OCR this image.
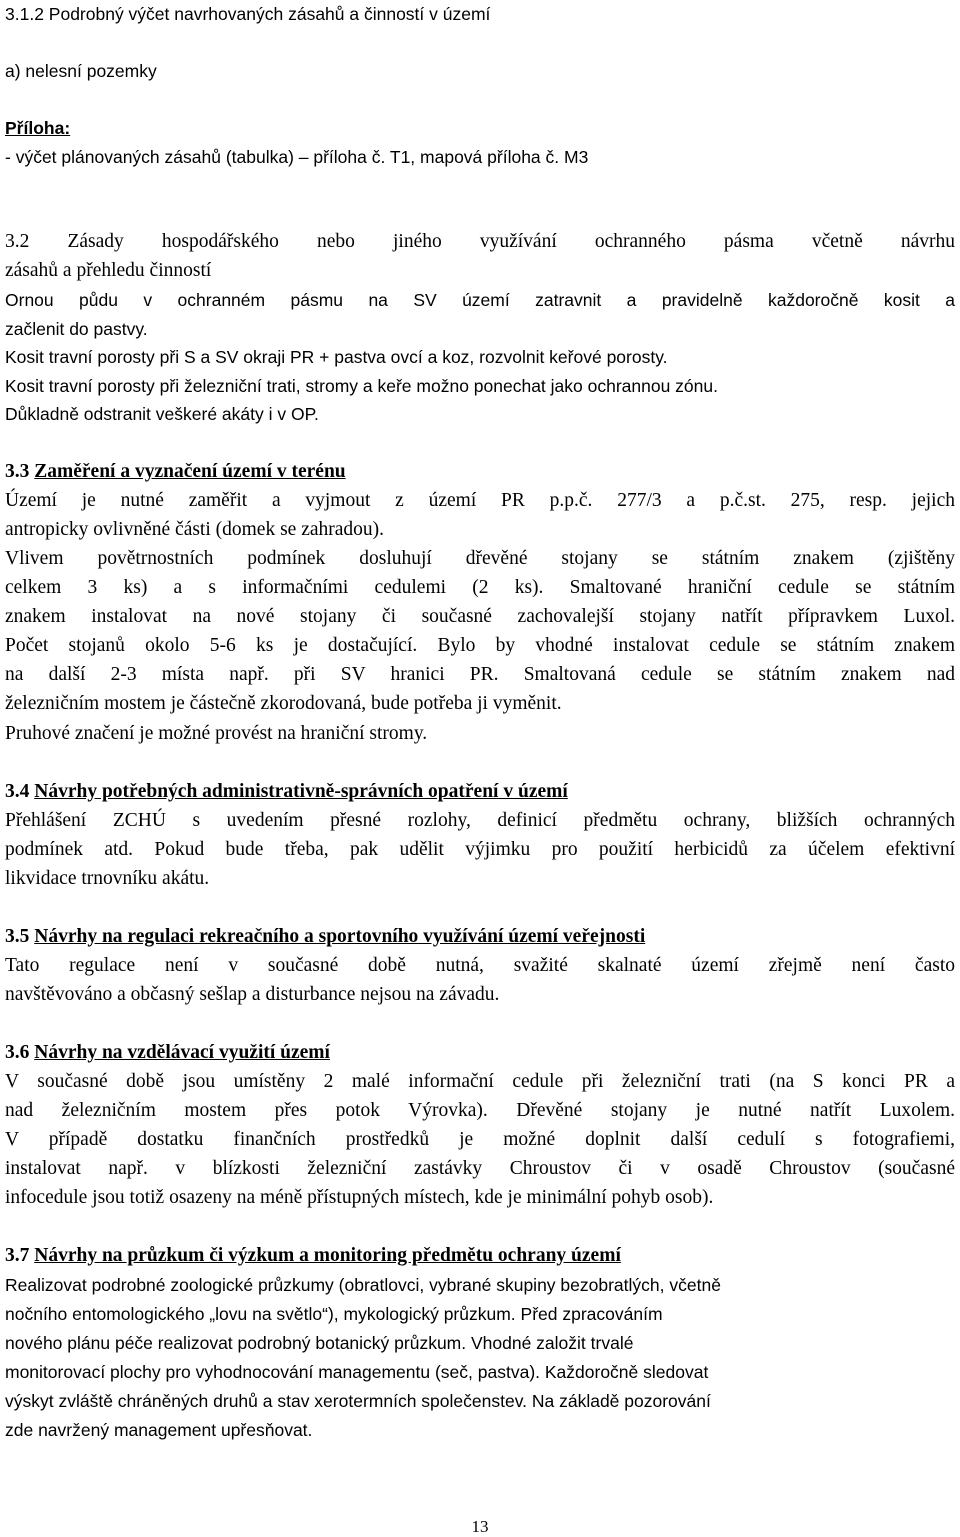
3.1.2 Podrobný výčet navrhovaných zásahů a činností v území
a) nelesní pozemky
Příloha:
- výčet plánovaných zásahů (tabulka) – příloha č. T1, mapová příloha č. M3
3.2 Zásady hospodářského nebo jiného využívání ochranného pásma včetně návrhu
zásahů a přehledu činností
Ornou půdu v ochranném pásmu na SV území zatravnit a pravidelně každoročně kosit a
začlenit do pastvy.
Kosit travní porosty při S a SV okraji PR + pastva ovcí a koz, rozvolnit keřové porosty.
Kosit travní porosty při železniční trati, stromy a keře možno ponechat jako ochrannou zónu.
Důkladně odstranit veškeré akáty i v OP.
3.3 Zaměření a vyznačení území v terénu
Území je nutné zaměřit a vyjmout z území PR p.p.č. 277/3 a p.č.st. 275, resp. jejich
antropicky ovlivněné části (domek se zahradou).
Vlivem povětrnostních podmínek dosluhují dřevěné stojany se státním znakem (zjištěny
celkem 3 ks) a s informačními cedulemi (2 ks). Smaltované hraniční cedule se státním
znakem instalovat na nové stojany či současné zachovalejší stojany natřít přípravkem Luxol.
Počet stojanů okolo 5-6 ks je dostačující. Bylo by vhodné instalovat cedule se státním znakem
na další 2-3 místa např. při SV hranici PR. Smaltovaná cedule se státním znakem nad
železničním mostem je částečně zkorodovaná, bude potřeba ji vyměnit.
Pruhové značení je možné provést na hraniční stromy.
3.4 Návrhy potřebných administrativně-správních opatření v území
Přehlášení ZCHÚ s uvedením přesné rozlohy, definicí předmětu ochrany, bližších ochranných
podmínek atd. Pokud bude třeba, pak udělit výjimku pro použití herbicidů za účelem efektivní
likvidace trnovníku akátu.
3.5 Návrhy na regulaci rekreačního a sportovního využívání území veřejnosti
Tato regulace není v současné době nutná, svažité skalnaté území zřejmě není často
navštěvováno a občasný sešlap a disturbance nejsou na závadu.
3.6 Návrhy na vzdělávací využití území
V současné době jsou umístěny 2 malé informační cedule při železniční trati (na S konci PR a
nad železničním mostem přes potok Výrovka). Dřevěné stojany je nutné natřít Luxolem.
V případě dostatku finančních prostředků je možné doplnit další cedulí s fotografiemi,
instalovat např. v blízkosti železniční zastávky Chroustov či v osadě Chroustov (současné
infocedule jsou totiž osazeny na méně přístupných místech, kde je minimální pohyb osob).
3.7 Návrhy na průzkum či výzkum a monitoring předmětu ochrany území
Realizovat podrobné zoologické průzkumy (obratlovci, vybrané skupiny bezobratlých, včetně
nočního entomologického „lovu na světlo“), mykologický průzkum. Před zpracováním
nového plánu péče realizovat podrobný botanický průzkum. Vhodné založit trvalé
monitorovací plochy pro vyhodnocování managementu (seč, pastva). Každoročně sledovat
výskyt zvláště chráněných druhů a stav xerotermních společenstev. Na základě pozorování
zde navržený management upřesňovat.
13
